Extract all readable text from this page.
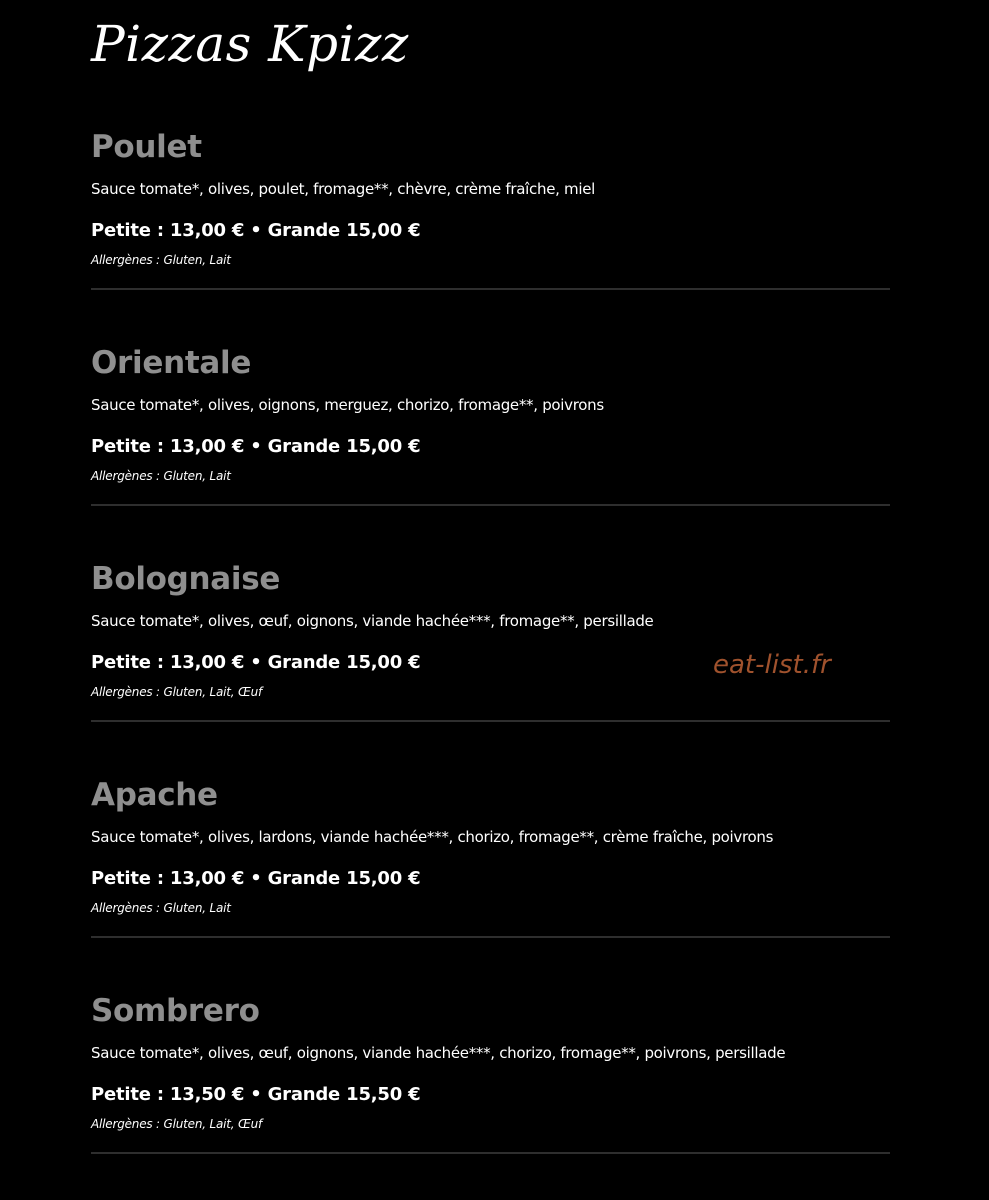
Pizzas Kpizz
Poulet
Sauce tomate*, olives, poulet, fromage**, chèvre, crème fraîche, miel
Petite : 13,00 € • Grande 15,00 €
Allergènes : Gluten, Lait
Orientale
Sauce tomate*, olives, oignons, merguez, chorizo, fromage**, poivrons
Petite : 13,00 € • Grande 15,00 €
Allergènes : Gluten, Lait
Bolognaise
Sauce tomate*, olives, œuf, oignons, viande hachée***, fromage**, persillade
Petite : 13,00 € • Grande 15,00 €
Allergènes : Gluten, Lait, Œuf
Apache
Sauce tomate*, olives, lardons, viande hachée***, chorizo, fromage**, crème fraîche, poivrons
Petite : 13,00 € • Grande 15,00 €
Allergènes : Gluten, Lait
Sombrero
Sauce tomate*, olives, œuf, oignons, viande hachée***, chorizo, fromage**, poivrons, persillade
Petite : 13,50 € • Grande 15,50 €
Allergènes : Gluten, Lait, Œuf
eat-list.fr
